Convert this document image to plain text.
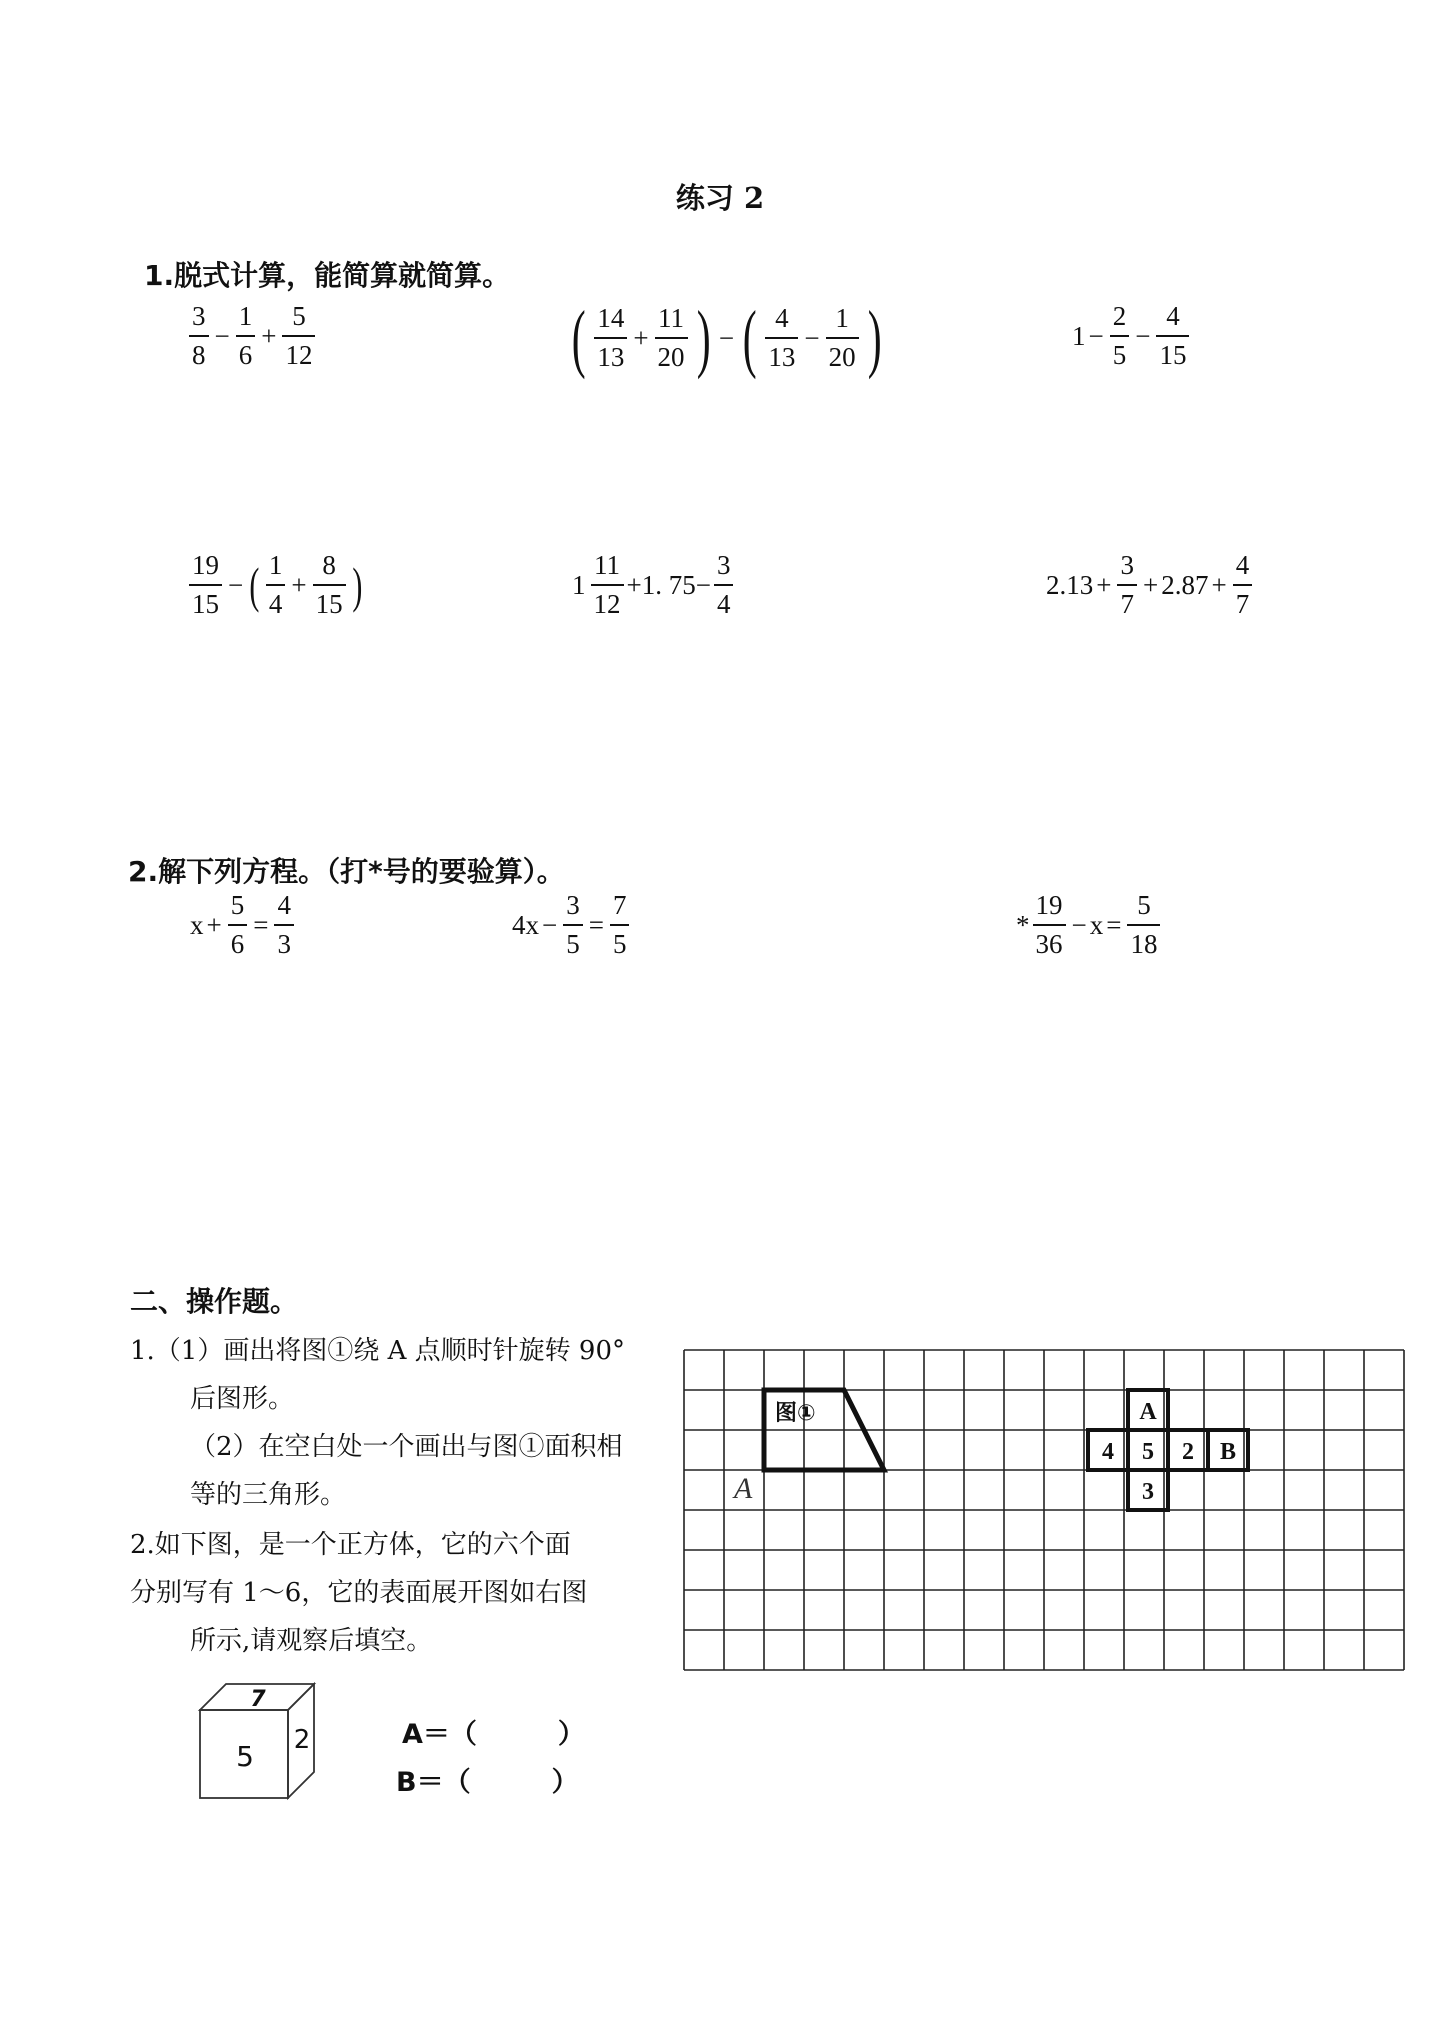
练习 2
1.脱式计算，能简算就简算。
$\frac{3}{8} - \frac{1}{6} + \frac{5}{12}$	( $\frac{14}{13} + \frac{11}{20}$ ) − ( $\frac{4}{13} - \frac{1}{20}$ )	$1 - \frac{2}{5} - \frac{4}{15}$
$\frac{19}{15}$ − ( $\frac{1}{4} + \frac{8}{15}$ )	$1 \frac{11}{12} +1$. $75- \frac{3}{4}$	$2.13 + \frac{3}{7} + 2.87 + \frac{4}{7}$
2.解下列方程。（打*号的要验算）。
$x + \frac{5}{6} = \frac{4}{3}$	$4x - \frac{3}{5} = \frac{7}{5}$	* $\frac{19}{36} - x = \frac{5}{18}$
二、操作题。
1.（1）画出将图①绕 A 点顺时针旋转 90°
后图形。
（2）在空白处一个画出与图①面积相
等的三角形。
2.如下图，是一个正方体，它的六个面
分别写有 1～6，它的表面展开图如右图
所示,请观察后填空。
图①
A
A
4 5 2 B
3
7
5 2	A＝（　　　）
B＝（　　　）
